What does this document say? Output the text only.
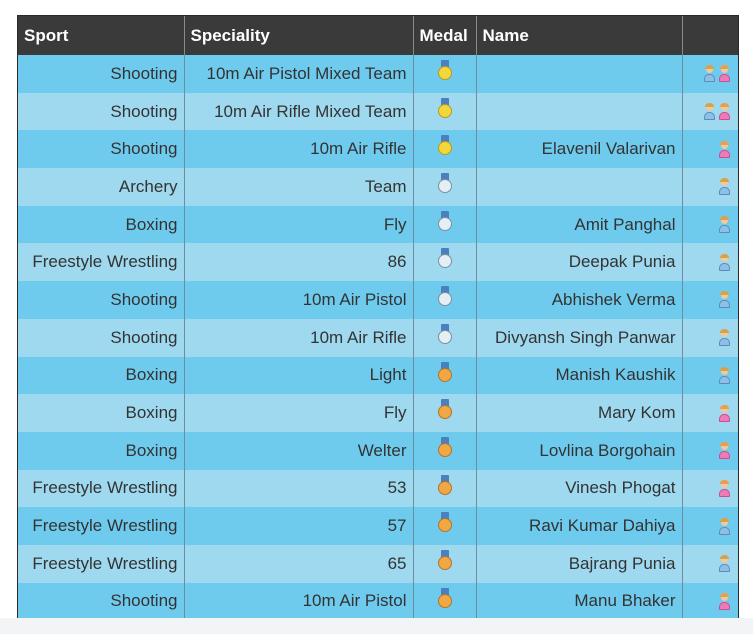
Sport	Speciality	Medal	Name	
Shooting	10m Air Pistol Mixed Team	

Shooting	10m Air Rifle Mixed Team	

Shooting	10m Air Rifle		Elavenil Valarivan	

Archery	Team	

Boxing	Fly		Amit Panghal	

Freestyle Wrestling	86		Deepak Punia	

Shooting	10m Air Pistol		Abhishek Verma	

Shooting	10m Air Rifle		Divyansh Singh Panwar	

Boxing	Light		Manish Kaushik	

Boxing	Fly		Mary Kom	

Boxing	Welter		Lovlina Borgohain	

Freestyle Wrestling	53		Vinesh Phogat	

Freestyle Wrestling	57		Ravi Kumar Dahiya	

Freestyle Wrestling	65		Bajrang Punia	

Shooting	10m Air Pistol		Manu Bhaker	
